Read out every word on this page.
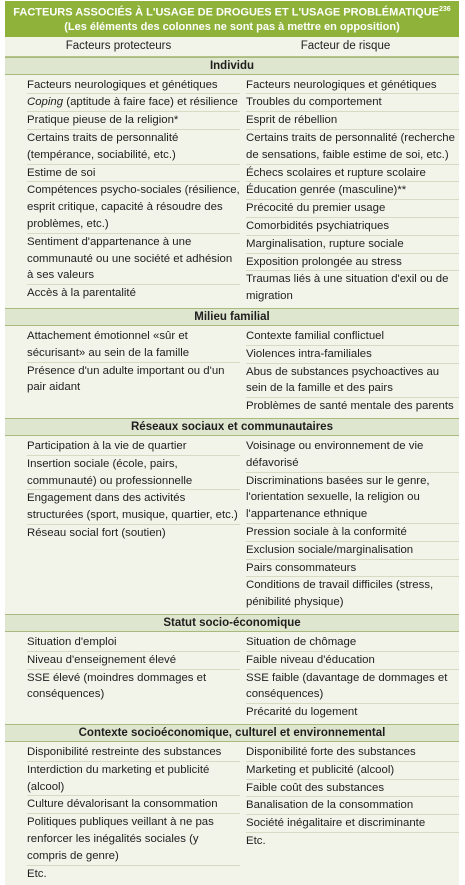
FACTEURS ASSOCIÉS À L'USAGE DE DROGUES ET L'USAGE PROBLÉMATIQUE$^{236}$
(Les éléments des colonnes ne sont pas à mettre en opposition)
Facteurs protecteurs	Facteur de risque
Individu
Facteurs neurologiques et génétiques
Coping (aptitude à faire face) et résilience
Pratique pieuse de la religion*
Certains traits de personnalité (tempérance, sociabilité, etc.)
Estime de soi
Compétences psycho-sociales (résilience, esprit critique, capacité à résoudre des problèmes, etc.)
Sentiment d'appartenance à une communauté ou une société et adhésion à ses valeurs
Accès à la parentalité
Facteurs neurologiques et génétiques
Troubles du comportement
Esprit de rébellion
Certains traits de personnalité (recherche de sensations, faible estime de soi, etc.)
Échecs scolaires et rupture scolaire
Éducation genrée (masculine)**
Précocité du premier usage
Comorbidités psychiatriques
Marginalisation, rupture sociale
Exposition prolongée au stress
Traumas liés à une situation d'exil ou de migration
Milieu familial
Attachement émotionnel «sûr et sécurisant» au sein de la famille
Présence d'un adulte important ou d'un pair aidant
Contexte familial conflictuel
Violences intra-familiales
Abus de substances psychoactives au sein de la famille et des pairs
Problèmes de santé mentale des parents
Réseaux sociaux et communautaires
Participation à la vie de quartier
Insertion sociale (école, pairs, communauté) ou professionnelle
Engagement dans des activités structurées (sport, musique, quartier, etc.)
Réseau social fort (soutien)
Voisinage ou environnement de vie défavorisé
Discriminations basées sur le genre, l'orientation sexuelle, la religion ou l'appartenance ethnique
Pression sociale à la conformité
Exclusion sociale/marginalisation
Pairs consommateurs
Conditions de travail difficiles (stress, pénibilité physique)
Statut socio-économique
Situation d'emploi
Niveau d'enseignement élevé
SSE élevé (moindres dommages et conséquences)
Situation de chômage
Faible niveau d'éducation
SSE faible (davantage de dommages et conséquences)
Précarité du logement
Contexte socioéconomique, culturel et environnemental
Disponibilité restreinte des substances
Interdiction du marketing et publicité (alcool)
Culture dévalorisant la consommation
Politiques publiques veillant à ne pas renforcer les inégalités sociales (y compris de genre)
Etc.
Disponibilité forte des substances
Marketing et publicité (alcool)
Faible coût des substances
Banalisation de la consommation
Société inégalitaire et discriminante
Etc.
